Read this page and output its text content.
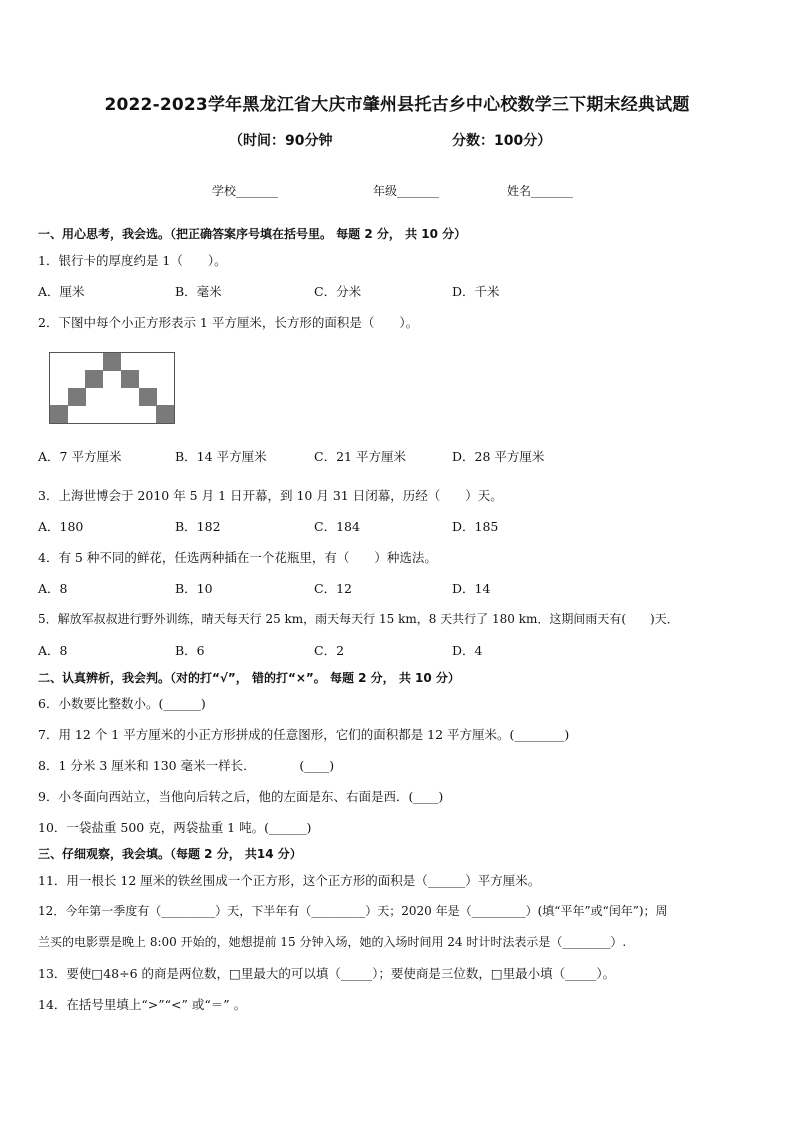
2022-2023学年黑龙江省大庆市肇州县托古乡中心校数学三下期末经典试题
（时间：90分钟	分数：100分）
学校_______	年级_______	姓名_______
一、用心思考，我会选。（把正确答案序号填在括号里。 每题 2 分， 共 10 分）
1．银行卡的厚度约是 1（　　）。
A．厘米	B．毫米	C．分米	D．千米
2．下图中每个小正方形表示 1 平方厘米，长方形的面积是（　　）。
A．7 平方厘米	B．14 平方厘米	C．21 平方厘米	D．28 平方厘米
3．上海世博会于 2010 年 5 月 1 日开幕，到 10 月 31 日闭幕，历经（　　）天。
A．180	B．182	C．184	D．185
4．有 5 种不同的鲜花，任选两种插在一个花瓶里，有（　　）种选法。
A．8	B．10	C．12	D．14
5．解放军叔叔进行野外训练，晴天每天行 25 km，雨天每天行 15 km，8 天共行了 180 km．这期间雨天有(　　)天．
A．8	B．6	C．2	D．4
二、认真辨析，我会判。（对的打“√”， 错的打“×”。 每题 2 分， 共 10 分）
6．小数要比整数小。(______)
7．用 12 个 1 平方厘米的小正方形拼成的任意图形，它们的面积都是 12 平方厘米。(________)
8．1 分米 3 厘米和 130 毫米一样长．　　　　(____)
9．小冬面向西站立，当他向后转之后，他的左面是东、右面是西．(____)
10．一袋盐重 500 克，两袋盐重 1 吨。(______)
三、仔细观察，我会填。（每题 2 分， 共14 分）
11．用一根长 12 厘米的铁丝围成一个正方形，这个正方形的面积是（______）平方厘米。
12．今年第一季度有（_________）天，下半年有（_________）天；2020 年是（_________）(填“平年”或“闰年”)；周
兰买的电影票是晚上 8:00 开始的，她想提前 15 分钟入场，她的入场时间用 24 时计时法表示是（________）.
13．要使□48÷6 的商是两位数，□里最大的可以填（_____）；要使商是三位数，□里最小填（_____）。
14．在括号里填上“>”“<” 或“＝” 。
